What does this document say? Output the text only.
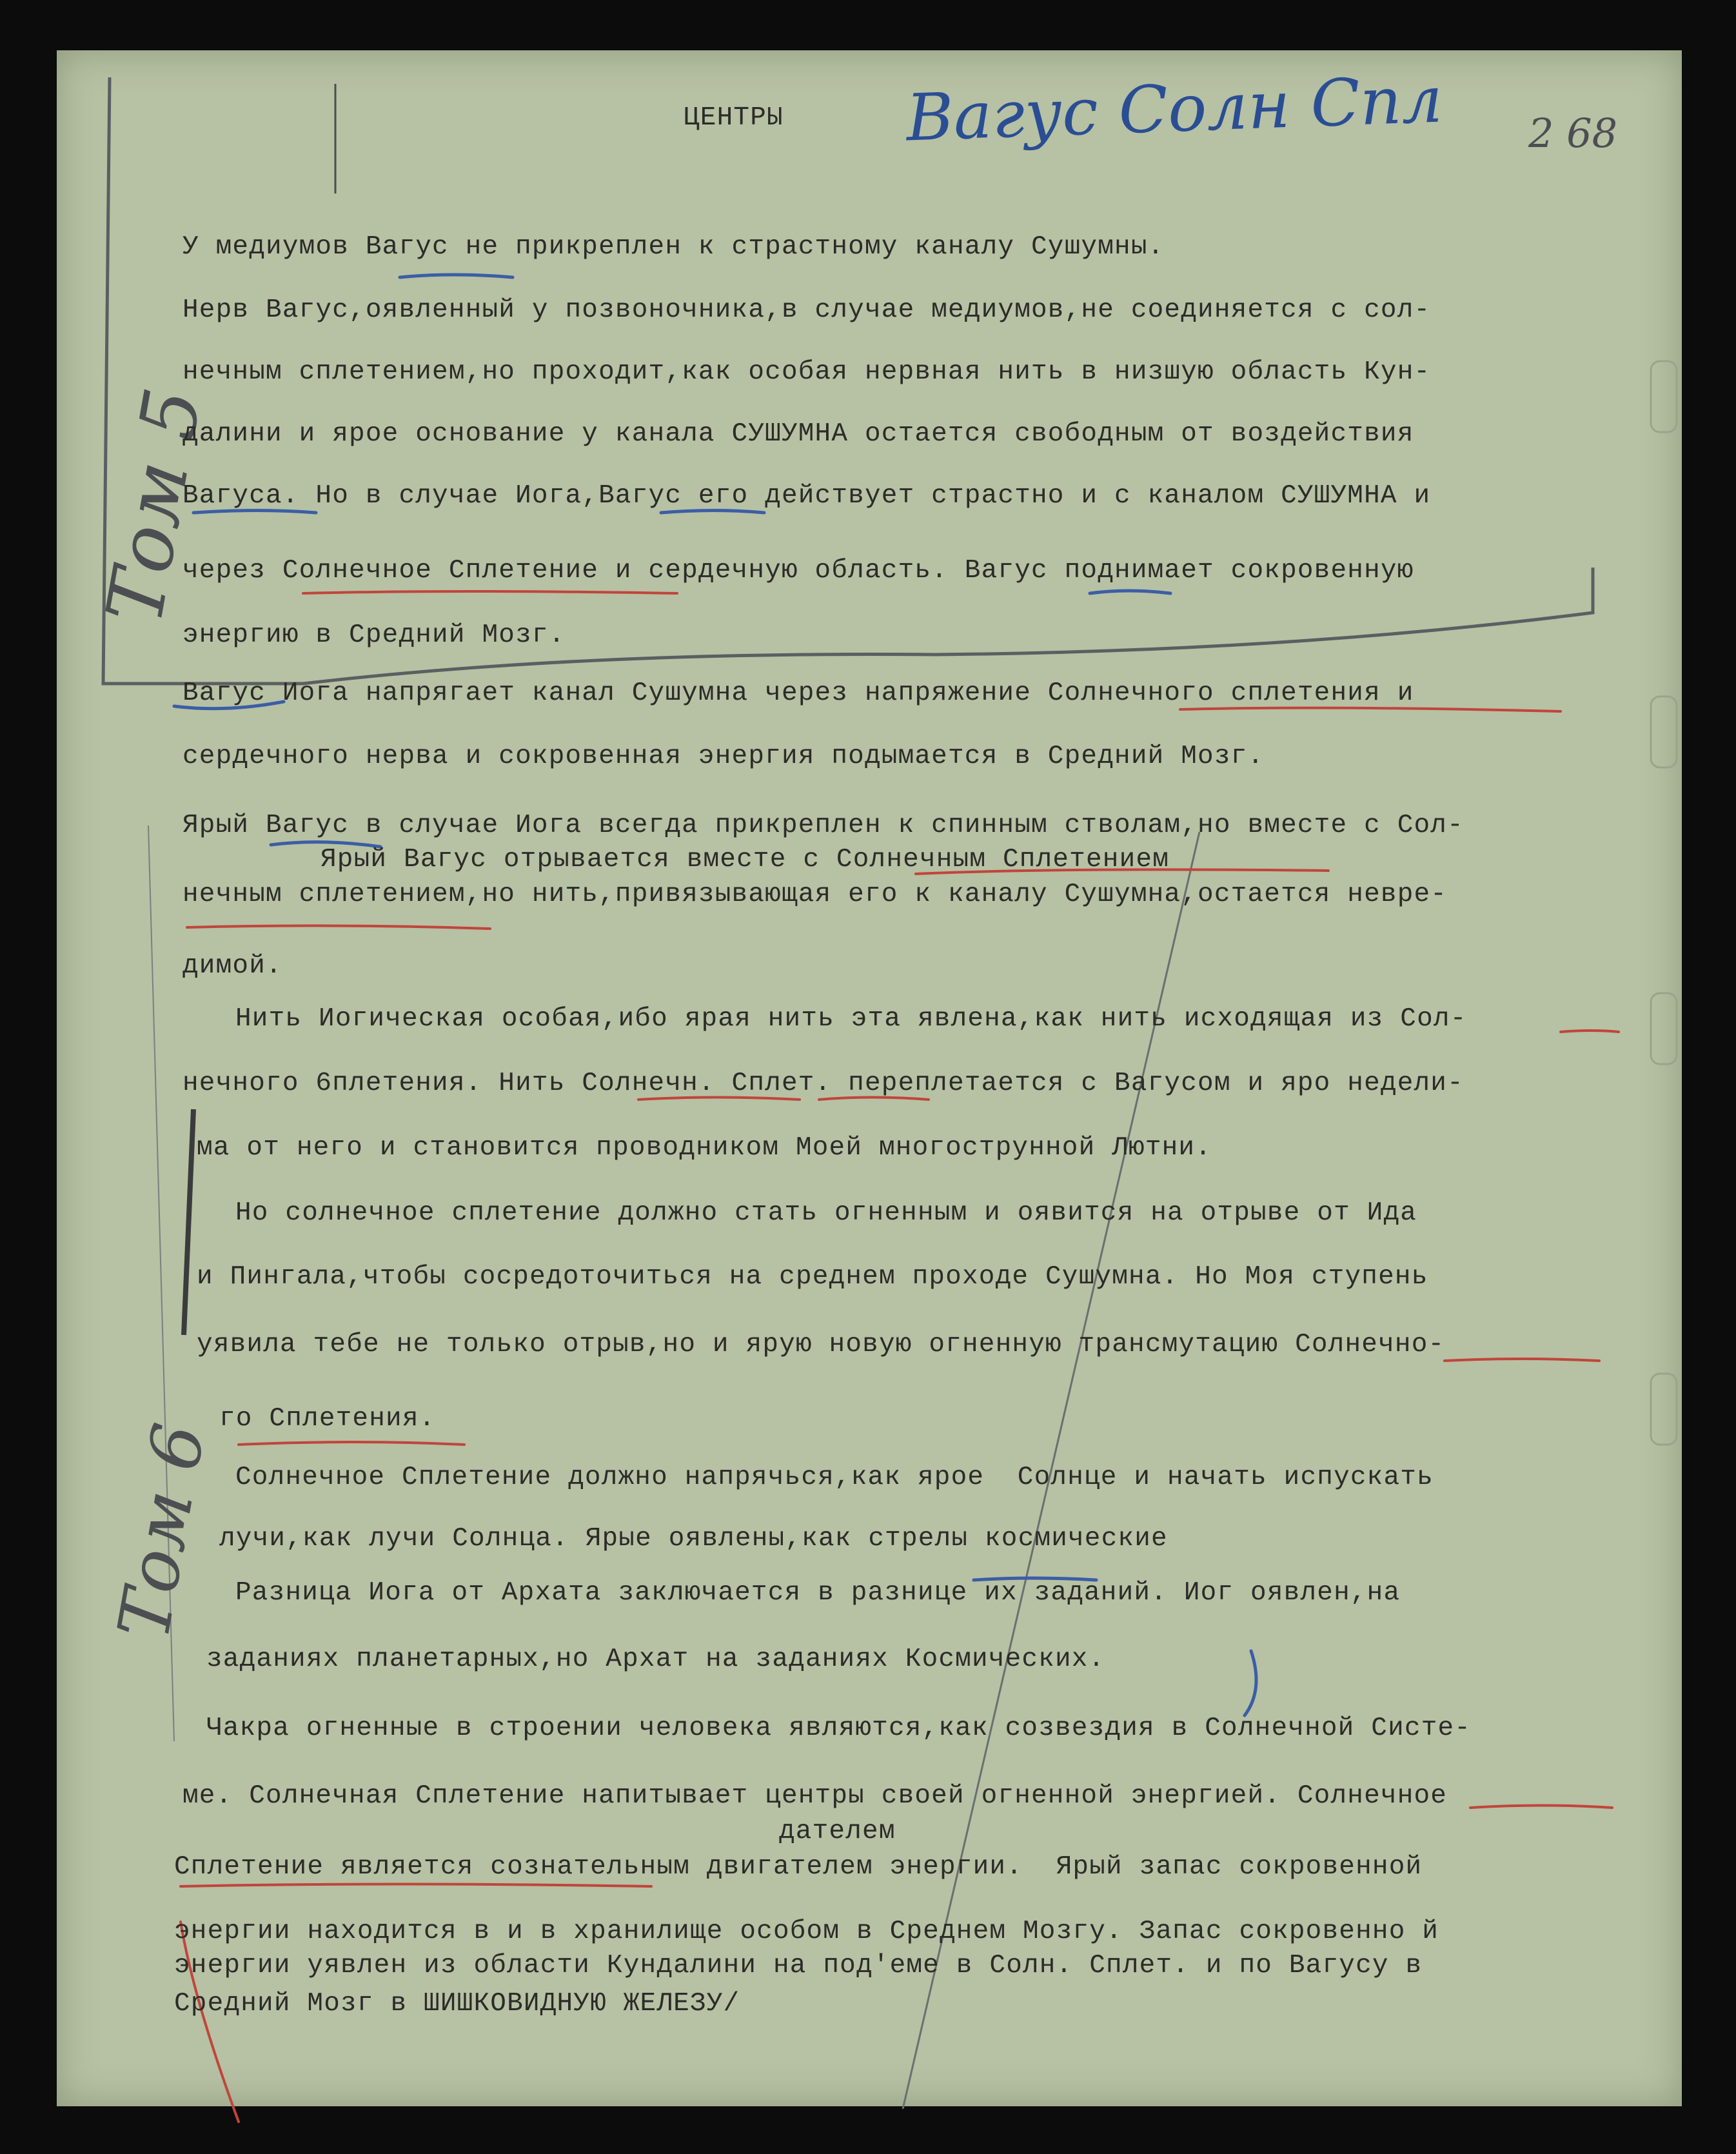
Вагус Солн Спл 2 68
Том 5
Том 6
ЦЕНТРЫ
У медиумов Вагус не прикреплен к страстному каналу Сушумны.
Нерв Вагус,оявленный у позвоночника,в случае медиумов,не соединяется с сол-
нечным сплетением,но проходит,как особая нервная нить в низшую область Кун-
далини и ярое основание у канала СУШУМНА остается свободным от воздействия
Вагуса. Но в случае Иога,Вагус его действует страстно и с каналом СУШУМНА и
через Солнечное Сплетение и сердечную область. Вагус поднимает сокровенную
энергию в Средний Мозг.
Вагус Иога напрягает канал Сушумна через напряжение Солнечного сплетения и
сердечного нерва и сокровенная энергия подымается в Средний Мозг.
Ярый Вагус в случае Иога всегда прикреплен к спинным стволам,но вместе с Сол-
Ярый Вагус отрывается вместе с Солнечным Сплетением
нечным сплетением,но нить,привязывающая его к каналу Сушумна,остается невре-
димой.
Нить Иогическая особая,ибо ярая нить эта явлена,как нить исходящая из Сол-
нечного 6плетения. Нить Солнечн. Сплет. переплетается с Вагусом и яро недели-
ма от него и становится проводником Моей многострунной Лютни.
Но солнечное сплетение должно стать огненным и оявится на отрыве от Ида
и Пингала,чтобы сосредоточиться на среднем проходе Сушумна. Но Моя ступень
уявила тебе не только отрыв,но и ярую новую огненную трансмутацию Солнечно-
го Сплетения.
Солнечное Сплетение должно напрячься,как ярое  Солнце и начать испускать
лучи,как лучи Солнца. Ярые оявлены,как стрелы космические
Разница Иога от Архата заключается в разнице их заданий. Иог оявлен,на
заданиях планетарных,но Архат на заданиях Космических.
Чакра огненные в строении человека являются,как созвездия в Солнечной Систе-
ме. Солнечная Сплетение напитывает центры своей огненной энергией. Солнечное
дателем
Сплетение является сознательным двигателем энергии.  Ярый запас сокровенной
энергии находится в и в хранилище особом в Среднем Мозгу. Запас сокровенно й
энергии уявлен из области Кундалини на под'еме в Солн. Сплет. и по Вагусу в
Средний Мозг в ШИШКОВИДНУЮ ЖЕЛЕЗУ/
